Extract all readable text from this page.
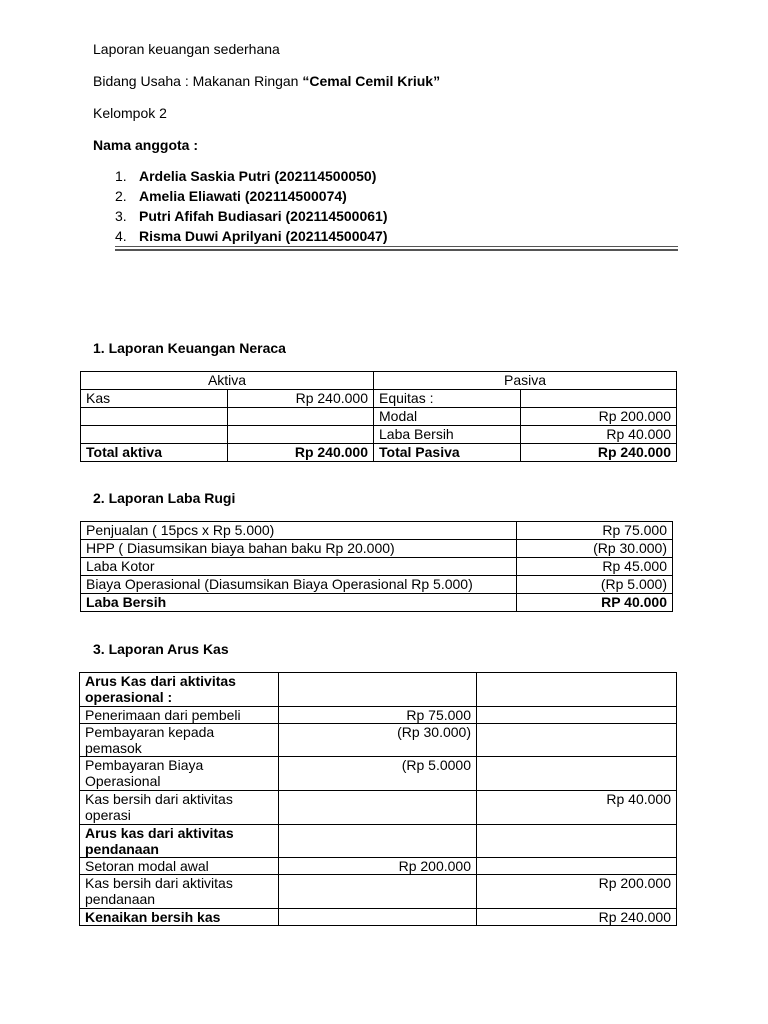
Laporan keuangan sederhana
Bidang Usaha : Makanan Ringan “Cemal Cemil Kriuk”
Kelompok 2
Nama anggota :
1. Ardelia Saskia Putri (202114500050)
2. Amelia Eliawati (202114500074)
3. Putri Afifah Budiasari (202114500061)
4. Risma Duwi Aprilyani (202114500047)
1. Laporan Keuangan Neraca
Aktiva		Pasiva	
Kas	Rp 240.000	Equitas :	
		Modal	Rp 200.000
		Laba Bersih	Rp 40.000
Total aktiva	Rp 240.000	Total Pasiva	Rp 240.000
2. Laporan Laba Rugi
Penjualan ( 15pcs x Rp 5.000)	Rp 75.000
HPP ( Diasumsikan biaya bahan baku Rp 20.000)	(Rp 30.000)
Laba Kotor	Rp 45.000
Biaya Operasional (Diasumsikan Biaya Operasional Rp 5.000)	(Rp 5.000)
Laba Bersih	RP 40.000
3. Laporan Arus Kas
Arus Kas dari aktivitas operasional :		
Penerimaan dari pembeli	Rp 75.000	
Pembayaran kepada pemasok	(Rp 30.000)	
Pembayaran Biaya Operasional	(Rp 5.0000	
Kas bersih dari aktivitas operasi		Rp 40.000
Arus kas dari aktivitas pendanaan		
Setoran modal awal	Rp 200.000	
Kas bersih dari aktivitas pendanaan		Rp 200.000
Kenaikan bersih kas		Rp 240.000
